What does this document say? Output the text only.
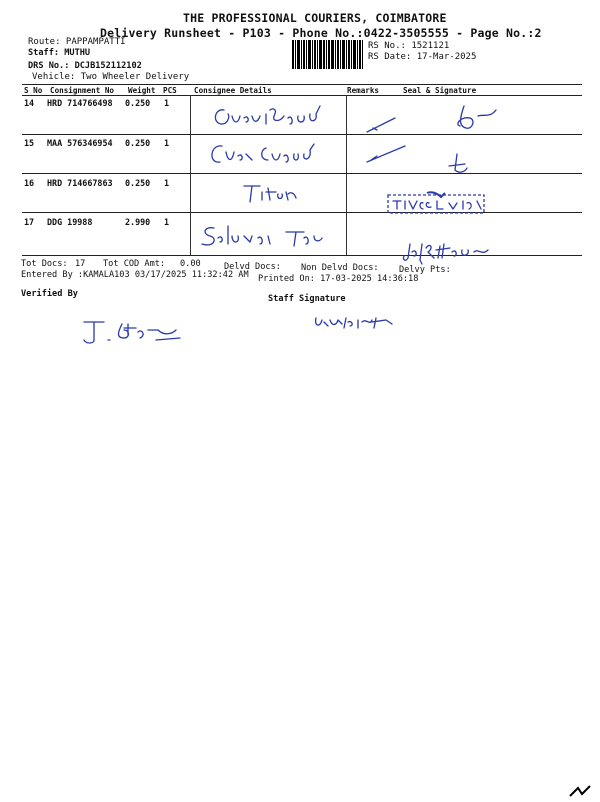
THE PROFESSIONAL COURIERS, COIMBATORE
Delivery Runsheet - P103 - Phone No.:0422-3505555 - Page No.:2
Route: PAPPAMPATTI
Staff: MUTHU
DRS No.: DCJB152112102
Vehicle: Two Wheeler Delivery
RS No.: 1521121
RS Date: 17-Mar-2025
S No Consignment No Weight PCS Consignee Details	Remarks	Seal & Signature
14 HRD 714766498 0.250 1
15 MAA 576346954 0.250 1
16 HRD 714667863 0.250 1
17 DDG 19988	2.990 1
Tot Docs: 17 Tot COD Amt: 0.00	Delvd Docs: Non Delvd Docs: Delvy Pts:
Entered By :KAMALA103 03/17/2025 11:32:42 AM Printed On: 17-03-2025 14:36:18
Verified By	Staff Signature
